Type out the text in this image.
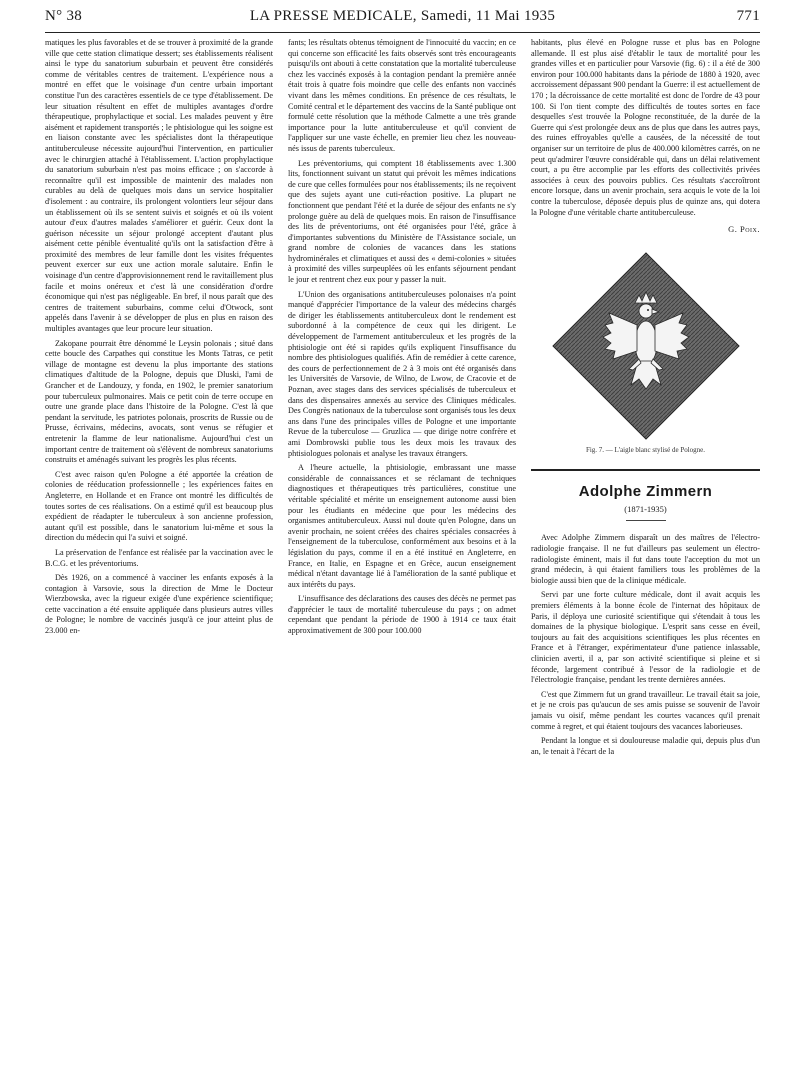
N° 38	LA PRESSE MEDICALE, Samedi, 11 Mai 1935	771

matiques les plus favorables et de se trouver à proximité de la grande ville que cette station climatique dessert; ses établissements réalisent ainsi le type du sanatorium suburbain et peuvent être considérés comme de véritables centres de traitement. L'expérience nous a montré en effet que le voisinage d'un centre urbain important constitue l'un des caractères essentiels de ce type d'établissement. De leur situation résultent en effet de multiples avantages d'ordre thérapeutique, prophylactique et social. Les malades peuvent y être aisément et rapidement transportés ; le phtisiologue qui les soigne est en liaison constante avec les spécialistes dont la thérapeutique antituberculeuse nécessite aujourd'hui l'intervention, en particulier avec le chirurgien attaché à l'établissement. L'action prophylactique du sanatorium suburbain n'est pas moins efficace ; on s'accorde à reconnaître qu'il est impossible de maintenir des malades non curables au delà de quelques mois dans un service hospitalier d'isolement : au contraire, ils prolongent volontiers leur séjour dans un établissement où ils se sentent suivis et soignés et où ils voient autour d'eux d'autres malades s'améliorer et guérir. Ceux dont la guérison nécessite un séjour prolongé acceptent d'autant plus aisément cette pénible éventualité qu'ils ont la satisfaction d'être à proximité des membres de leur famille dont les visites fréquentes peuvent exercer sur eux une action morale salutaire. Enfin le voisinage d'un centre d'approvisionnement rend le ravitaillement plus facile et moins onéreux et c'est là une considération d'ordre économique qui n'est pas négligeable. En bref, il nous paraît que des centres de traitement suburbains, comme celui d'Otwock, sont appelés dans l'avenir à se développer de plus en plus en raison des multiples avantages que leur procure leur situation.

Zakopane pourrait être dénommé le Leysin polonais ; situé dans cette boucle des Carpathes qui constitue les Monts Tatras, ce petit village de montagne est devenu la plus importante des stations climatiques d'altitude de la Pologne, depuis que Dluski, l'ami de Grancher et de Landouzy, y fonda, en 1902, le premier sanatorium pour tuberculeux pulmonaires. Mais ce petit coin de terre occupe en outre une grande place dans l'histoire de la Pologne. C'est là que pendant la servitude, les patriotes polonais, proscrits de Russie ou de Prusse, écrivains, médecins, avocats, sont venus se réfugier et entretenir la flamme de leur nationalisme. Aujourd'hui c'est un important centre de traitement où s'élèvent de nombreux sanatoriums construits et aménagés suivant les progrès les plus récents.

C'est avec raison qu'en Pologne a été apportée la création de colonies de rééducation professionnelle ; les expériences faites en Angleterre, en Hollande et en France ont montré les difficultés de toutes sortes de ces réalisations. On a estimé qu'il est beaucoup plus expédient de réadapter le tuberculeux à son ancienne profession, autant qu'il est possible, dans le sanatorium lui-même et sous la direction du médecin qui l'a suivi et soigné.

La préservation de l'enfance est réalisée par la vaccination avec le B.C.G. et les préventoriums.

Dès 1926, on a commencé à vacciner les enfants exposés à la contagion à Varsovie, sous la direction de Mme le Docteur Wierzbowska, avec la rigueur exigée d'une expérience scientifique; cette vaccination a été ensuite appliquée dans plusieurs autres villes de Pologne; le nombre de vaccinés jusqu'à ce jour atteint plus de 23.000 en-

fants; les résultats obtenus témoignent de l'innocuité du vaccin; en ce qui concerne son efficacité les faits observés sont très encourageants puisqu'ils ont abouti à cette constatation que la mortalité tuberculeuse chez les vaccinés exposés à la contagion pendant la première année était trois à quatre fois moindre que celle des enfants non vaccinés vivant dans les mêmes conditions. En présence de ces résultats, le Comité central et le département des vaccins de la Santé publique ont formulé cette résolution que la méthode Calmette a une très grande importance pour la lutte antituberculeuse et qu'il convient de l'appliquer sur une vaste échelle, en premier lieu chez les nouveau-nés issus de parents tuberculeux.

Les préventoriums, qui comptent 18 établissements avec 1.300 lits, fonctionnent suivant un statut qui prévoit les mêmes indications de cure que celles formulées pour nos établissements; ils ne reçoivent que des sujets ayant une cuti-réaction positive. La plupart ne fonctionnent que pendant l'été et la durée de séjour des enfants ne s'y prolonge guère au delà de quelques mois. En raison de l'insuffisance des lits de préventoriums, ont été organisées pour l'été, grâce à d'importantes subventions du Ministère de l'Assistance sociale, un grand nombre de colonies de vacances dans les stations hydrominérales et climatiques et aussi des « demi-colonies » situées à proximité des villes surpeuplées où les enfants séjournent pendant le jour et rentrent chez eux pour y passer la nuit.

L'Union des organisations antituberculeuses polonaises n'a point manqué d'apprécier l'importance de la valeur des médecins chargés de diriger les établissements antituberculeux dont le rendement est subordonné à la compétence de ceux qui les dirigent. Le développement de l'armement antituberculeux et les progrès de la phtisiologie ont été si rapides qu'ils expliquent l'insuffisance du nombre des phtisiologues qualifiés. Afin de remédier à cette carence, des cours de perfectionnement de 2 à 3 mois ont été organisés dans les Universités de Varsovie, de Wilno, de Lwow, de Cracovie et de Poznan, avec stages dans des services spécialisés de tuberculeux et dans des dispensaires annexés au service des Cliniques médicales. Des Congrès nationaux de la tuberculose sont organisés tous les deux ans dans l'une des principales villes de Pologne et une importante Revue de la tuberculose — Gruzlica — que dirige notre confrère et ami Dombrowski publie tous les deux mois les travaux des phtisiologues polonais et analyse les travaux étrangers.

A l'heure actuelle, la phtisiologie, embrassant une masse considérable de connaissances et se réclamant de techniques diagnostiques et thérapeutiques très particulières, constitue une véritable spécialité et mérite un enseignement autonome aussi bien pour les étudiants en médecine que pour les médecins des organismes antituberculeux. Aussi nul doute qu'en Pologne, dans un avenir prochain, ne soient créées des chaires spéciales consacrées à l'enseignement de la tuberculose, conformément aux besoins et à la législation du pays, comme il en a été institué en Angleterre, en France, en Italie, en Espagne et en Grèce, aucun enseignement médical n'étant davantage lié à l'amélioration de la santé publique et aux intérêts du pays.

L'insuffisance des déclarations des causes des décès ne permet pas d'apprécier le taux de mortalité tuberculeuse du pays ; on admet cependant que pendant la période de 1900 à 1914 ce taux était approximativement de 300 pour 100.000

habitants, plus élevé en Pologne russe et plus bas en Pologne allemande. Il est plus aisé d'établir le taux de mortalité pour les grandes villes et en particulier pour Varsovie (fig. 6) : il a été de 300 environ pour 100.000 habitants dans la période de 1880 à 1920, avec accroissement dépassant 900 pendant la Guerre: il est actuellement de 170 ; la décroissance de cette mortalité est donc de l'ordre de 43 pour 100. Si l'on tient compte des difficultés de toutes sortes en face desquelles s'est trouvée la Pologne reconstituée, de la durée de la Guerre qui s'est prolongée deux ans de plus que dans les autres pays, des ruines effroyables qu'elle a causées, de la nécessité de tout organiser sur un territoire de plus de 400.000 kilomètres carrés, on ne peut qu'admirer l'œuvre considérable qui, dans un délai relativement court, a pu être accomplie par les efforts des collectivités privées associées à ceux des pouvoirs publics. Ces résultats s'accroîtront encore lorsque, dans un avenir prochain, sera acquis le vote de la loi contre la tuberculose, déposée depuis plus de quinze ans, qui dotera la Pologne d'une véritable charte antituberculeuse.

G. Poix.
Fig. 7. — L'aigle blanc stylisé de Pologne.
Adolphe Zimmern
(1871-1935)

Avec Adolphe Zimmern disparaît un des maîtres de l'électro-radiologie française. Il ne fut d'ailleurs pas seulement un électro-radiologiste éminent, mais il fut dans toute l'acception du mot un grand médecin, à qui étaient familiers tous les problèmes de la biologie aussi bien que de la clinique médicale.

Servi par une forte culture médicale, dont il avait acquis les premiers éléments à la bonne école de l'internat des hôpitaux de Paris, il déploya une curiosité scientifique qui s'étendait à tous les domaines de la physique biologique. L'esprit sans cesse en éveil, toujours au fait des acquisitions scientifiques les plus récentes en France et à l'étranger, expérimentateur d'une patience inlassable, clinicien averti, il a, par son activité scientifique si pleine et si féconde, largement contribué à l'essor de la radiologie et de l'électrologie française, pendant les trente dernières années.

C'est que Zimmern fut un grand travailleur. Le travail était sa joie, et je ne crois pas qu'aucun de ses amis puisse se souvenir de l'avoir jamais vu oisif, même pendant les courtes vacances qu'il prenait comme à regret, et qui étaient toujours des vacances laborieuses.

Pendant la longue et si douloureuse maladie qui, depuis plus d'un an, le tenait à l'écart de la
